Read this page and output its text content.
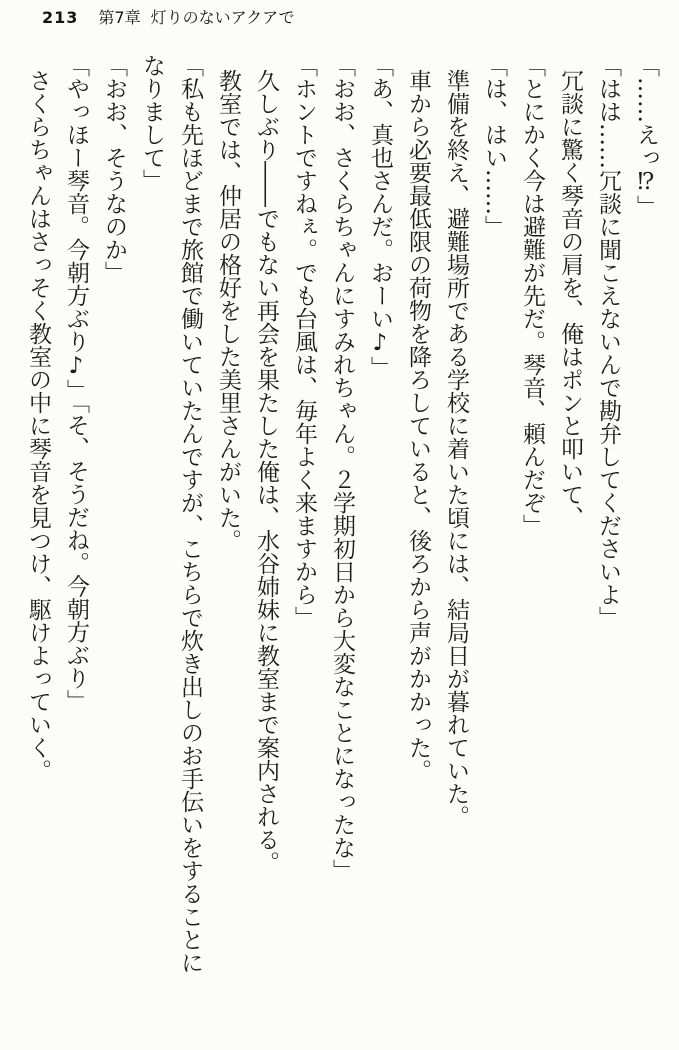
213 第7章 灯りのないアクアで

「……えっ⁉」

「はは……冗談に聞こえないんで勘弁してくださいよ」

冗談に驚く琴音の肩を、俺はポンと叩いて、

「とにかく今は避難が先だ。琴音、頼んだぞ」

「は、はい……」

準備を終え、避難場所である学校に着いた頃には、結局日が暮れていた。

車から必要最低限の荷物を降ろしていると、後ろから声がかかった。

「あ、真也さんだ。おーい♪」

「おお、さくらちゃんにすみれちゃん。２学期初日から大変なことになったな」

「ホントですねぇ。でも台風は、毎年よく来ますから」

久しぶり――でもない再会を果たした俺は、水谷姉妹に教室まで案内される。

教室では、仲居の格好をした美里さんがいた。

「私も先ほどまで旅館で働いていたんですが、こちらで炊き出しのお手伝いをすることになりまして」

「おお、そうなのか」

「やっほー琴音。今朝方ぶり♪」「そ、そうだね。今朝方ぶり」

さくらちゃんはさっそく教室の中に琴音を見つけ、駆けよっていく。
